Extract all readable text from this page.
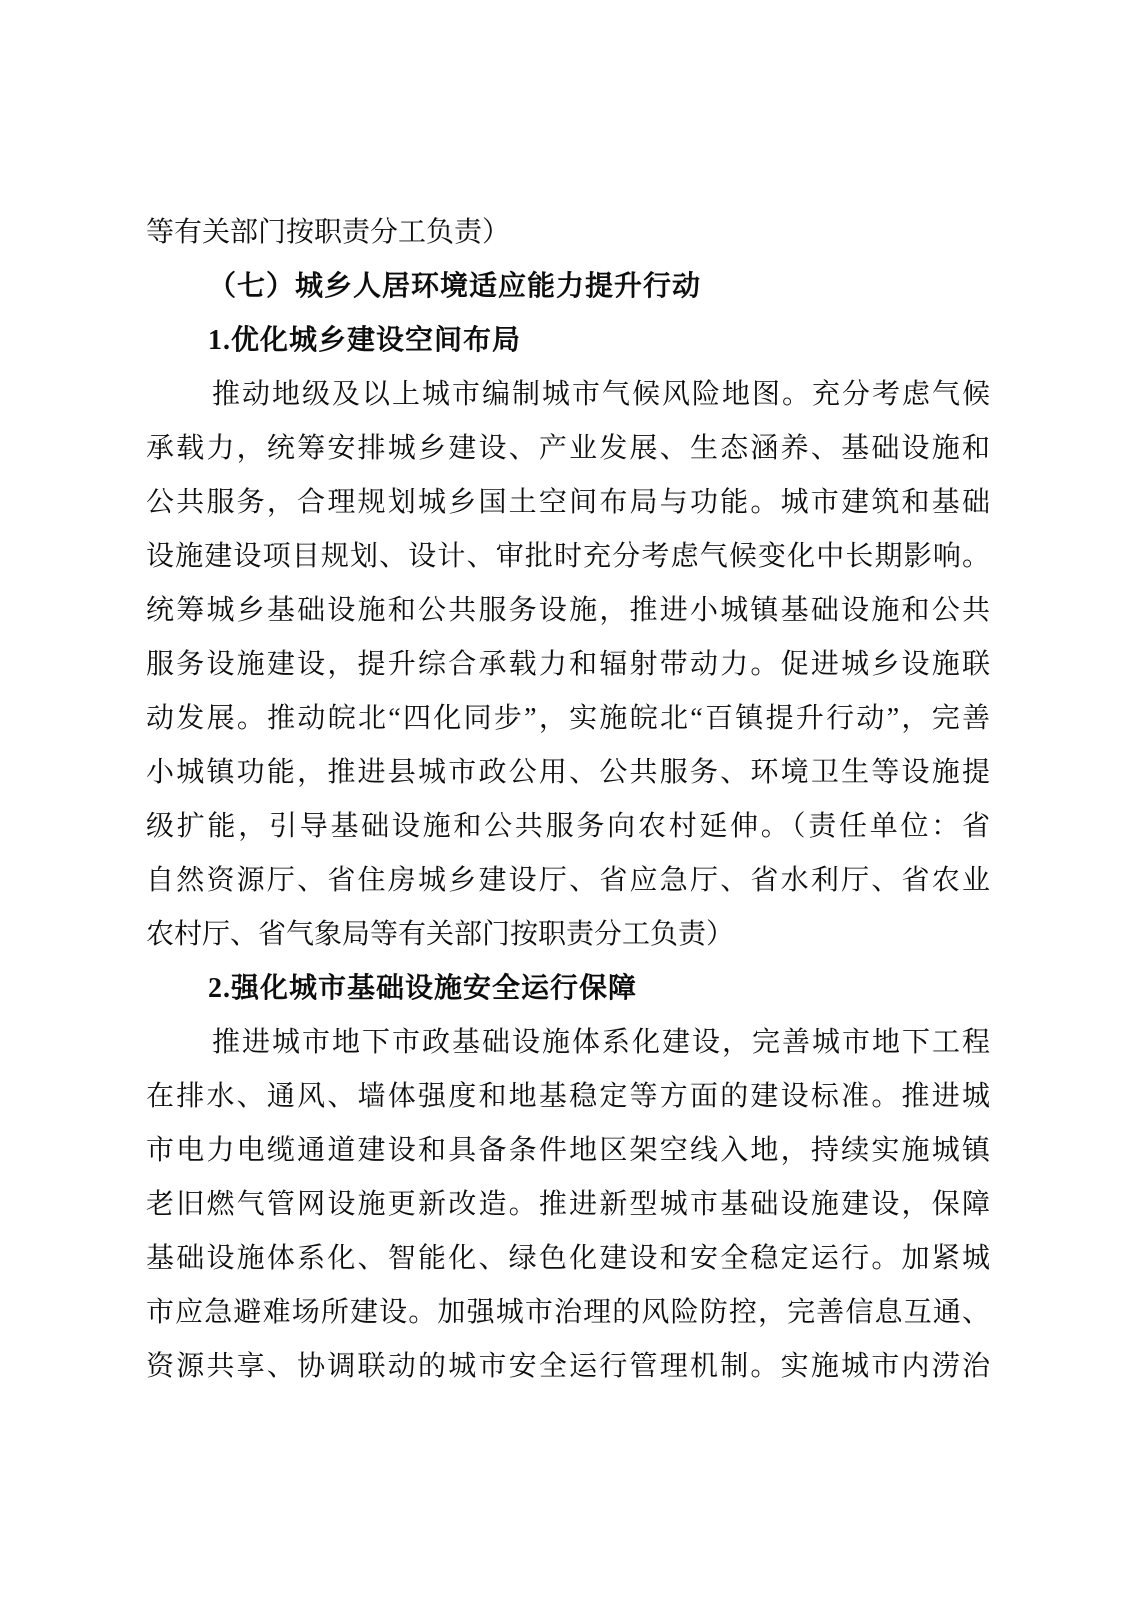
等有关部门按职责分工负责）
（七）城乡人居环境适应能力提升行动
1.优化城乡建设空间布局
推动地级及以上城市编制城市气候风险地图。充分考虑气候
承载力，统筹安排城乡建设、产业发展、生态涵养、基础设施和
公共服务，合理规划城乡国土空间布局与功能。城市建筑和基础
设施建设项目规划、设计、审批时充分考虑气候变化中长期影响。
统筹城乡基础设施和公共服务设施，推进小城镇基础设施和公共
服务设施建设，提升综合承载力和辐射带动力。促进城乡设施联
动发展。推动皖北“四化同步”，实施皖北“百镇提升行动”，完善
小城镇功能，推进县城市政公用、公共服务、环境卫生等设施提
级扩能，引导基础设施和公共服务向农村延伸。（责任单位：省
自然资源厅、省住房城乡建设厅、省应急厅、省水利厅、省农业
农村厅、省气象局等有关部门按职责分工负责）
2.强化城市基础设施安全运行保障
推进城市地下市政基础设施体系化建设，完善城市地下工程
在排水、通风、墙体强度和地基稳定等方面的建设标准。推进城
市电力电缆通道建设和具备条件地区架空线入地，持续实施城镇
老旧燃气管网设施更新改造。推进新型城市基础设施建设，保障
基础设施体系化、智能化、绿色化建设和安全稳定运行。加紧城
市应急避难场所建设。加强城市治理的风险防控，完善信息互通、
资源共享、协调联动的城市安全运行管理机制。实施城市内涝治
